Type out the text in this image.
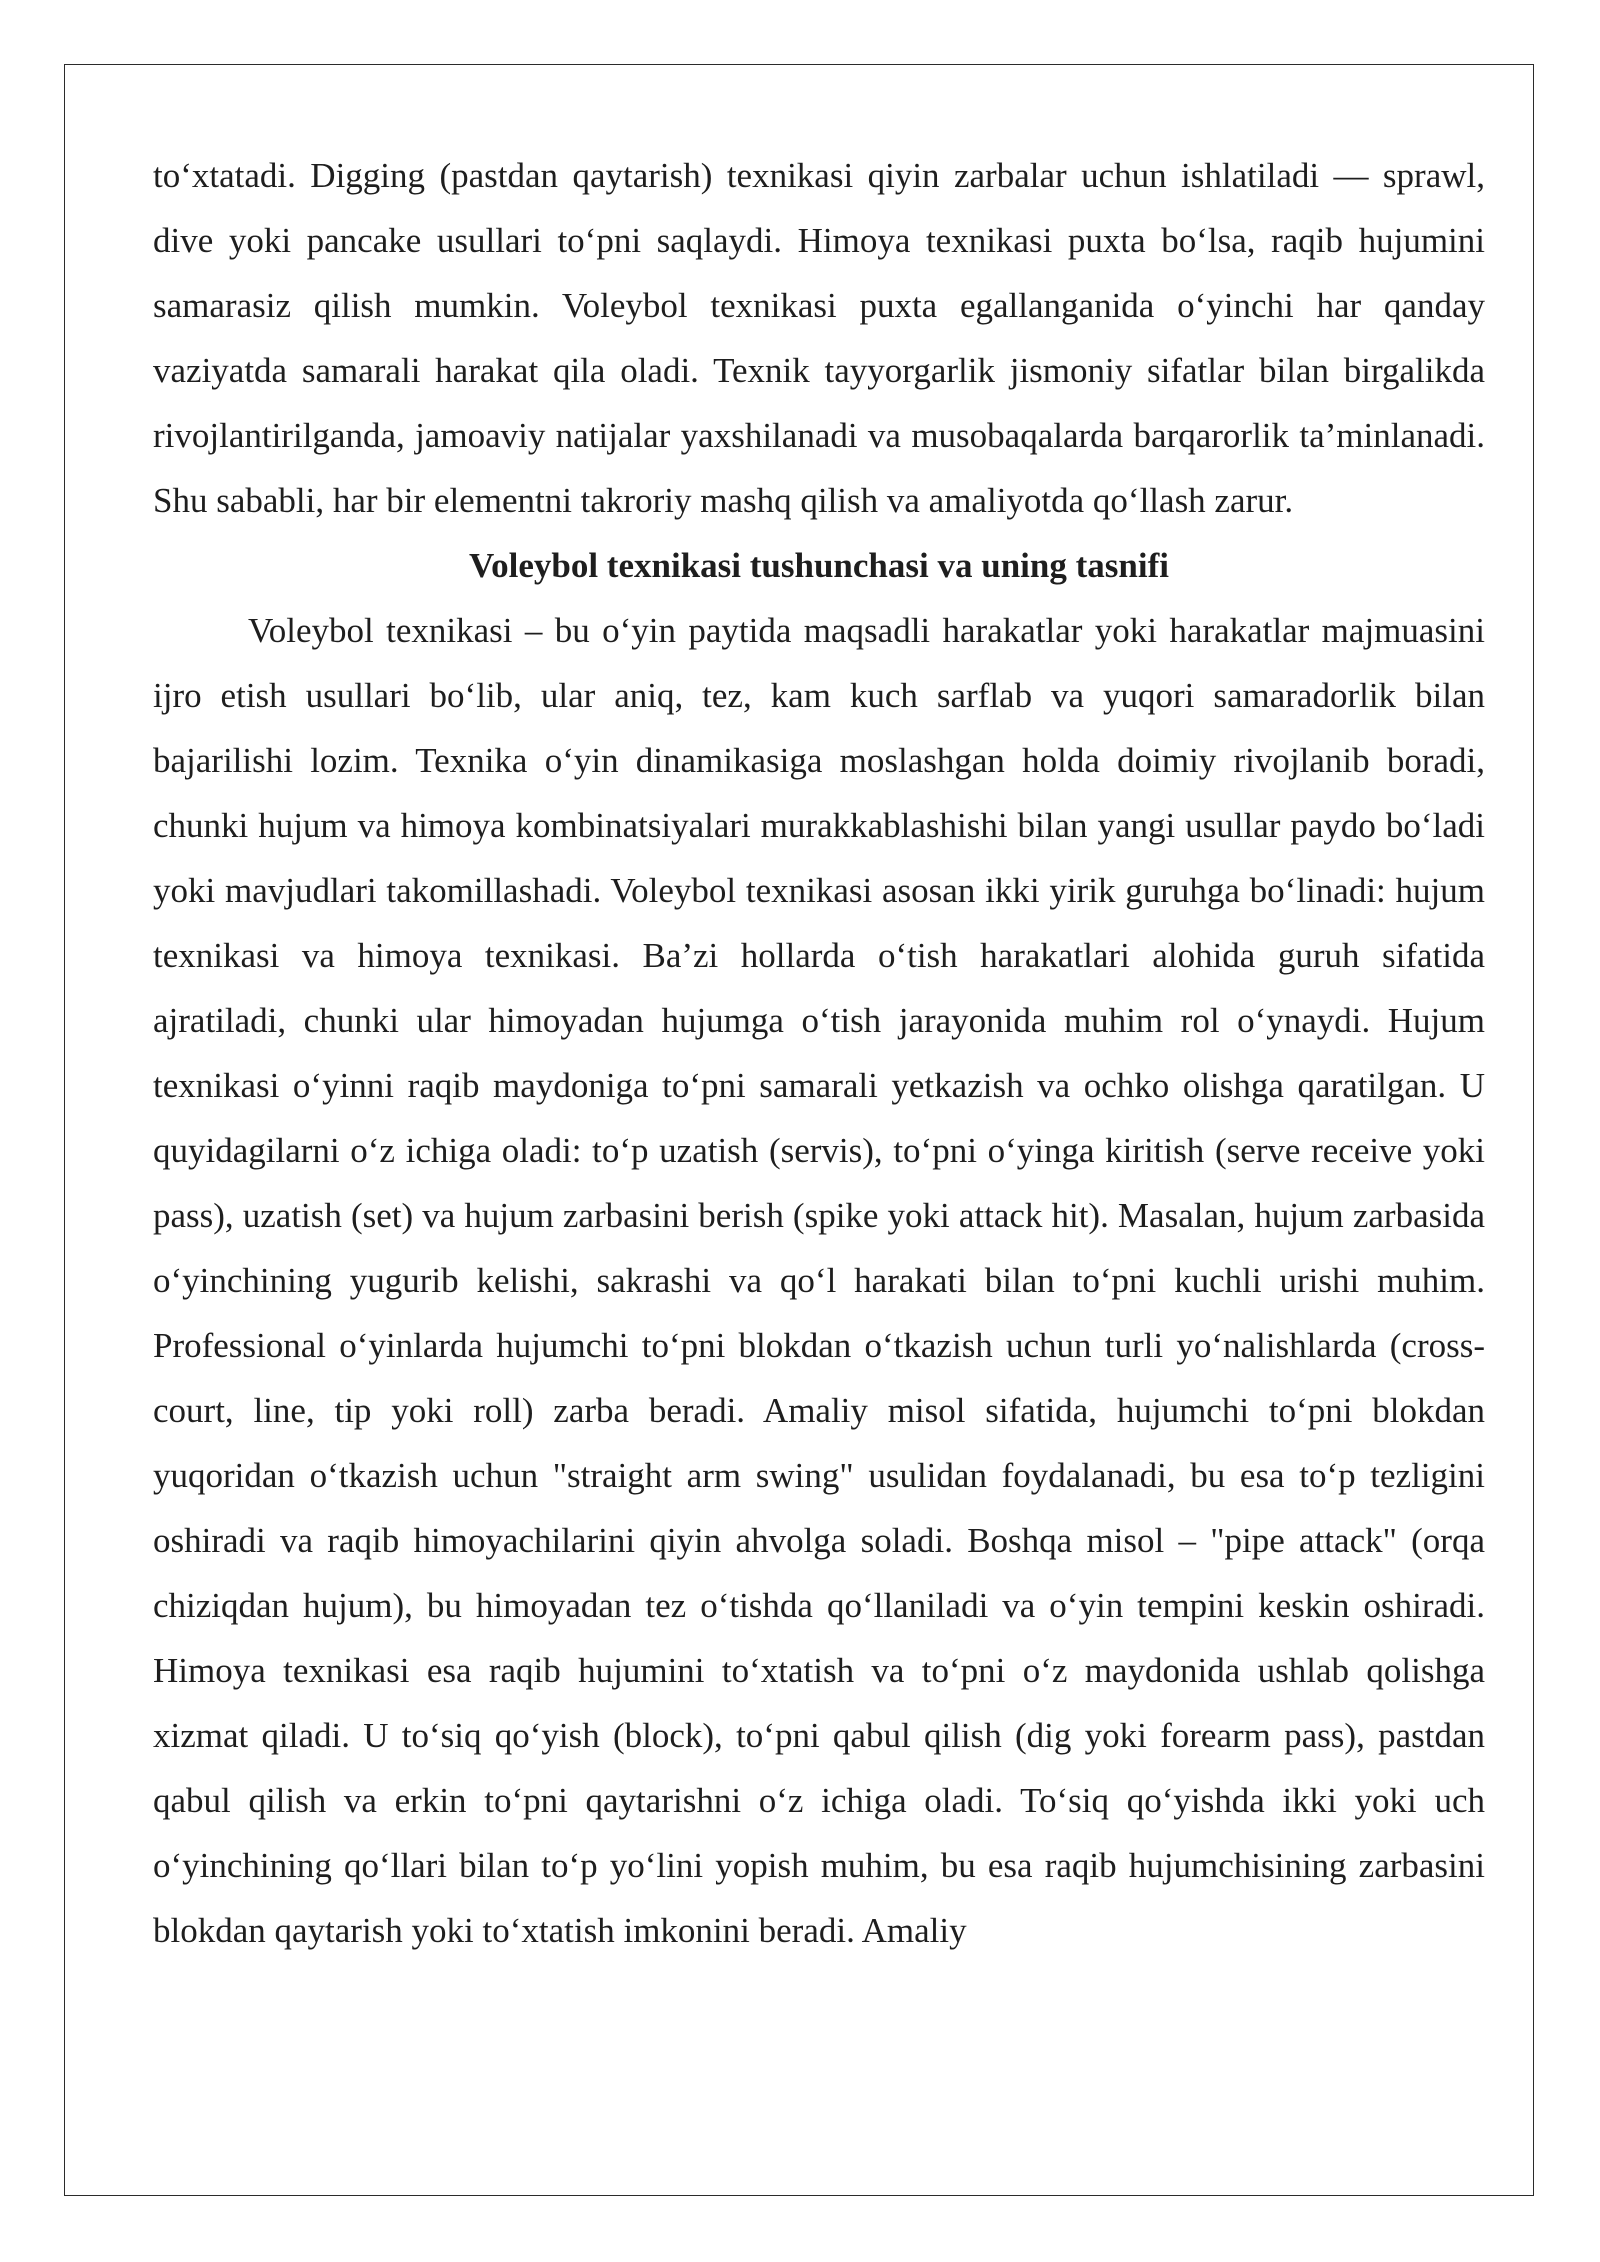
to‘xtatadi. Digging (pastdan qaytarish) texnikasi qiyin zarbalar uchun ishlatiladi — sprawl, dive yoki pancake usullari to‘pni saqlaydi. Himoya texnikasi puxta bo‘lsa, raqib hujumini samarasiz qilish mumkin. Voleybol texnikasi puxta egallanganida o‘yinchi har qanday vaziyatda samarali harakat qila oladi. Texnik tayyorgarlik jismoniy sifatlar bilan birgalikda rivojlantirilganda, jamoaviy natijalar yaxshilanadi va musobaqalarda barqarorlik ta’minlanadi. Shu sababli, har bir elementni takroriy mashq qilish va amaliyotda qo‘llash zarur.

Voleybol texnikasi tushunchasi va uning tasnifi

Voleybol texnikasi – bu o‘yin paytida maqsadli harakatlar yoki harakatlar majmuasini ijro etish usullari bo‘lib, ular aniq, tez, kam kuch sarflab va yuqori samaradorlik bilan bajarilishi lozim. Texnika o‘yin dinamikasiga moslashgan holda doimiy rivojlanib boradi, chunki hujum va himoya kombinatsiyalari murakkablashishi bilan yangi usullar paydo bo‘ladi yoki mavjudlari takomillashadi. Voleybol texnikasi asosan ikki yirik guruhga bo‘linadi: hujum texnikasi va himoya texnikasi. Ba’zi hollarda o‘tish harakatlari alohida guruh sifatida ajratiladi, chunki ular himoyadan hujumga o‘tish jarayonida muhim rol o‘ynaydi. Hujum texnikasi o‘yinni raqib maydoniga to‘pni samarali yetkazish va ochko olishga qaratilgan. U quyidagilarni o‘z ichiga oladi: to‘p uzatish (servis), to‘pni o‘yinga kiritish (serve receive yoki pass), uzatish (set) va hujum zarbasini berish (spike yoki attack hit). Masalan, hujum zarbasida o‘yinchining yugurib kelishi, sakrashi va qo‘l harakati bilan to‘pni kuchli urishi muhim. Professional o‘yinlarda hujumchi to‘pni blokdan o‘tkazish uchun turli yo‘nalishlarda (cross-court, line, tip yoki roll) zarba beradi. Amaliy misol sifatida, hujumchi to‘pni blokdan yuqoridan o‘tkazish uchun "straight arm swing" usulidan foydalanadi, bu esa to‘p tezligini oshiradi va raqib himoyachilarini qiyin ahvolga soladi. Boshqa misol – "pipe attack" (orqa chiziqdan hujum), bu himoyadan tez o‘tishda qo‘llaniladi va o‘yin tempini keskin oshiradi. Himoya texnikasi esa raqib hujumini to‘xtatish va to‘pni o‘z maydonida ushlab qolishga xizmat qiladi. U to‘siq qo‘yish (block), to‘pni qabul qilish (dig yoki forearm pass), pastdan qabul qilish va erkin to‘pni qaytarishni o‘z ichiga oladi. To‘siq qo‘yishda ikki yoki uch o‘yinchining qo‘llari bilan to‘p yo‘lini yopish muhim, bu esa raqib hujumchisining zarbasini blokdan qaytarish yoki to‘xtatish imkonini beradi. Amaliy
